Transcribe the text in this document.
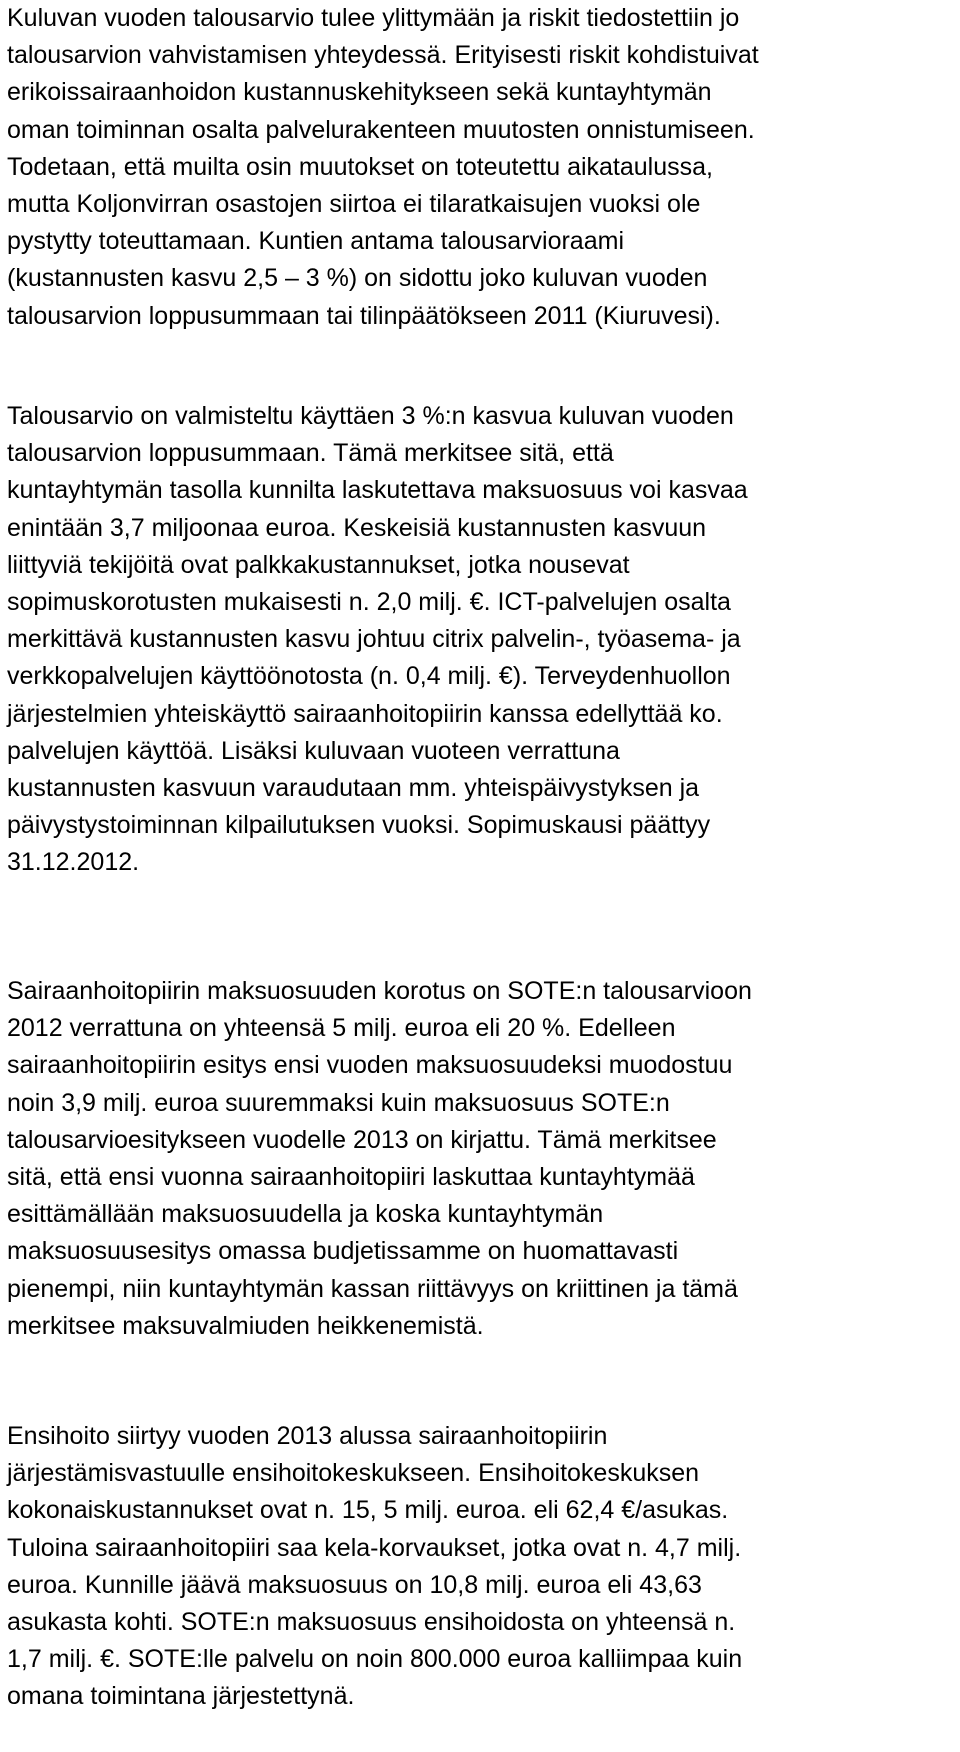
Kuluvan vuoden talousarvio tulee ylittymään ja riskit tiedostettiin jo
talousarvion vahvistamisen yhteydessä. Erityisesti riskit kohdistuivat
erikoissairaanhoidon kustannuskehitykseen sekä kuntayhtymän
oman toiminnan osalta palvelurakenteen muutosten onnistumiseen.
Todetaan, että muilta osin muutokset on toteutettu aikataulussa,
mutta Koljonvirran osastojen siirtoa ei tilaratkaisujen vuoksi ole
pystytty toteuttamaan. Kuntien antama talousarvioraami
(kustannusten kasvu 2,5 – 3 %) on sidottu joko kuluvan vuoden
talousarvion loppusummaan tai tilinpäätökseen 2011 (Kiuruvesi).

Talousarvio on valmisteltu käyttäen 3 %:n kasvua kuluvan vuoden
talousarvion loppusummaan. Tämä merkitsee sitä, että
kuntayhtymän tasolla kunnilta laskutettava maksuosuus voi kasvaa
enintään 3,7 miljoonaa euroa. Keskeisiä kustannusten kasvuun
liittyviä tekijöitä ovat palkkakustannukset, jotka nousevat
sopimuskorotusten mukaisesti n. 2,0 milj. €. ICT-palvelujen osalta
merkittävä kustannusten kasvu johtuu citrix palvelin-, työasema- ja
verkkopalvelujen käyttöönotosta (n. 0,4 milj. €). Terveydenhuollon
järjestelmien yhteiskäyttö sairaanhoitopiirin kanssa edellyttää ko.
palvelujen käyttöä. Lisäksi kuluvaan vuoteen verrattuna
kustannusten kasvuun varaudutaan mm. yhteispäivystyksen ja
päivystystoiminnan kilpailutuksen vuoksi. Sopimuskausi päättyy
31.12.2012.

Sairaanhoitopiirin maksuosuuden korotus on SOTE:n talousarvioon
2012 verrattuna on yhteensä 5 milj. euroa eli 20 %. Edelleen
sairaanhoitopiirin esitys ensi vuoden maksuosuudeksi muodostuu
noin 3,9 milj. euroa suuremmaksi kuin maksuosuus SOTE:n
talousarvioesitykseen vuodelle 2013 on kirjattu. Tämä merkitsee
sitä, että ensi vuonna sairaanhoitopiiri laskuttaa kuntayhtymää
esittämällään maksuosuudella ja koska kuntayhtymän
maksuosuusesitys omassa budjetissamme on huomattavasti
pienempi, niin kuntayhtymän kassan riittävyys on kriittinen ja tämä
merkitsee maksuvalmiuden heikkenemistä.

Ensihoito siirtyy vuoden 2013 alussa sairaanhoitopiirin
järjestämisvastuulle ensihoitokeskukseen. Ensihoitokeskuksen
kokonaiskustannukset ovat n. 15, 5 milj. euroa. eli 62,4 €/asukas.
Tuloina sairaanhoitopiiri saa kela-korvaukset, jotka ovat n. 4,7 milj.
euroa. Kunnille jäävä maksuosuus on 10,8 milj. euroa eli 43,63
asukasta kohti. SOTE:n maksuosuus ensihoidosta on yhteensä n.
1,7 milj. €. SOTE:lle palvelu on noin 800.000 euroa kalliimpaa kuin
omana toimintana järjestettynä.
